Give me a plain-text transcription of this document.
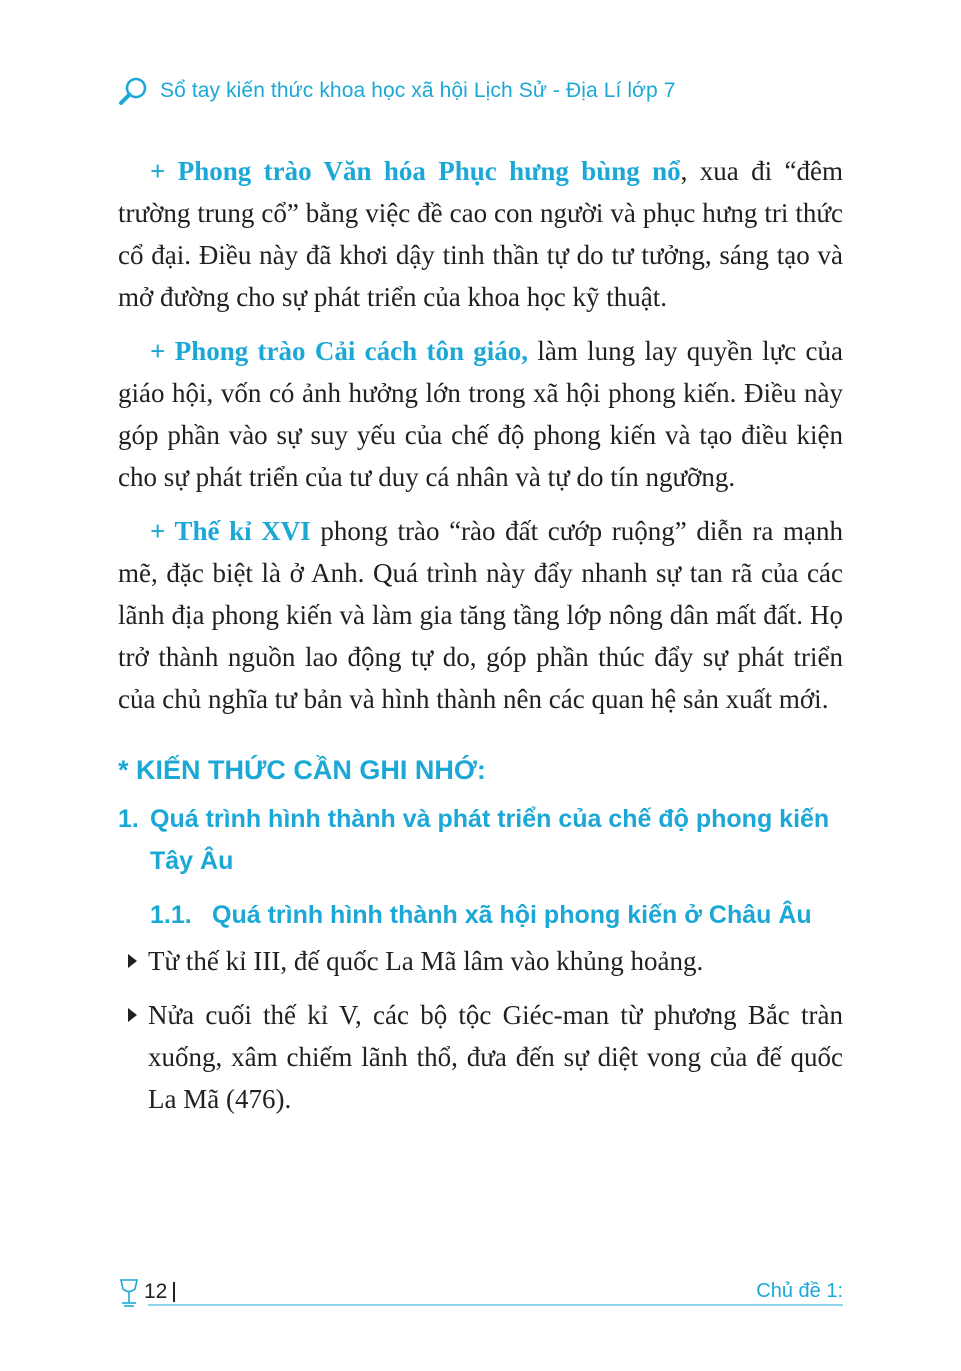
Sổ tay kiến thức khoa học xã hội Lịch Sử - Địa Lí lớp 7

+ Phong trào Văn hóa Phục hưng bùng nổ, xua đi “đêm trường trung cổ” bằng việc đề cao con người và phục hưng tri thức cổ đại. Điều này đã khơi dậy tinh thần tự do tư tưởng, sáng tạo và mở đường cho sự phát triển của khoa học kỹ thuật.

+ Phong trào Cải cách tôn giáo, làm lung lay quyền lực của giáo hội, vốn có ảnh hưởng lớn trong xã hội phong kiến. Điều này góp phần vào sự suy yếu của chế độ phong kiến và tạo điều kiện cho sự phát triển của tư duy cá nhân và tự do tín ngưỡng.

+ Thế kỉ XVI phong trào “rào đất cướp ruộng” diễn ra mạnh mẽ, đặc biệt là ở Anh. Quá trình này đẩy nhanh sự tan rã của các lãnh địa phong kiến và làm gia tăng tầng lớp nông dân mất đất. Họ trở thành nguồn lao động tự do, góp phần thúc đẩy sự phát triển của chủ nghĩa tư bản và hình thành nên các quan hệ sản xuất mới.

* KIẾN THỨC CẦN GHI NHỚ:
1. Quá trình hình thành và phát triển của chế độ phong kiến Tây Âu
1.1. Quá trình hình thành xã hội phong kiến ở Châu Âu
Từ thế kỉ III, đế quốc La Mã lâm vào khủng hoảng.
Nửa cuối thế kỉ V, các bộ tộc Giéc-man từ phương Bắc tràn xuống, xâm chiếm lãnh thổ, đưa đến sự diệt vong của đế quốc La Mã (476).
12	Chủ đề 1:
